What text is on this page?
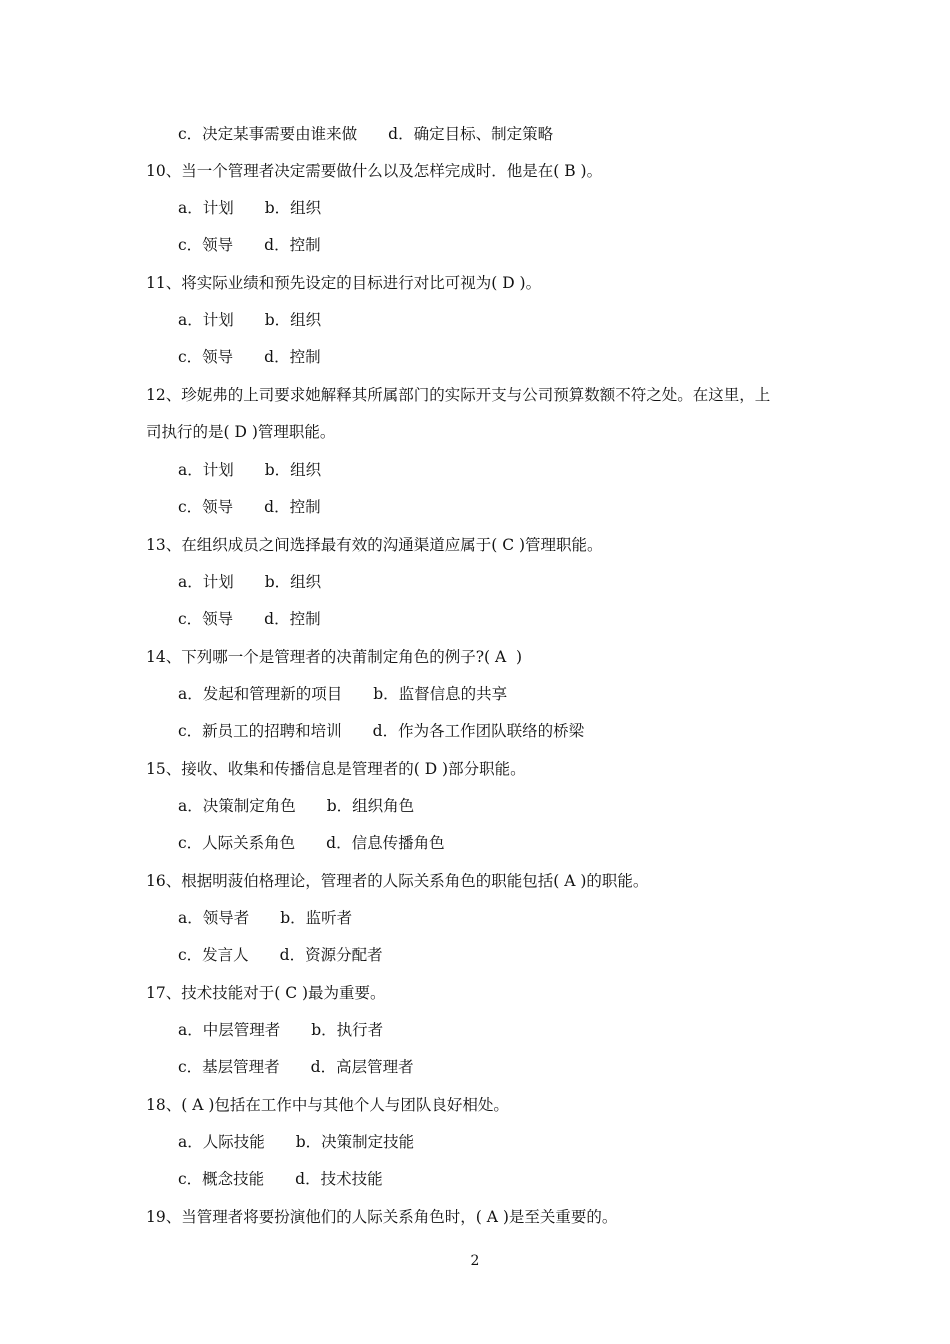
c．决定某事需要由谁来做　　d．确定目标、制定策略
10、当一个管理者决定需要做什么以及怎样完成时．他是在( B )。
a．计划　　b．组织
c．领导　　d．控制
11、将实际业绩和预先设定的目标进行对比可视为( D )。
a．计划　　b．组织
c．领导　　d．控制
12、珍妮弗的上司要求她解释其所属部门的实际开支与公司预算数额不符之处。在这里，上
司执行的是( D )管理职能。
a．计划　　b．组织
c．领导　　d．控制
13、在组织成员之间选择最有效的沟通渠道应属于( C )管理职能。
a．计划　　b．组织
c．领导　　d．控制
14、下列哪一个是管理者的决莆制定角色的例子?( A  )
a．发起和管理新的项目　　b．监督信息的共享
c．新员工的招聘和培训　　d．作为各工作团队联络的桥梁
15、接收、收集和传播信息是管理者的( D )部分职能。
a．决策制定角色　　b．组织角色
c．人际关系角色　　d．信息传播角色
16、根据明菠伯格理论，管理者的人际关系角色的职能包括( A )的职能。
a．领导者　　b．监听者
c．发言人　　d．资源分配者
17、技术技能对于( C )最为重要。
a．中层管理者　　b．执行者
c．基层管理者　　d．高层管理者
18、( A )包括在工作中与其他个人与团队良好相处。
a．人际技能　　b．决策制定技能
c．概念技能　　d．技术技能
19、当管理者将要扮演他们的人际关系角色时，( A )是至关重要的。
2
